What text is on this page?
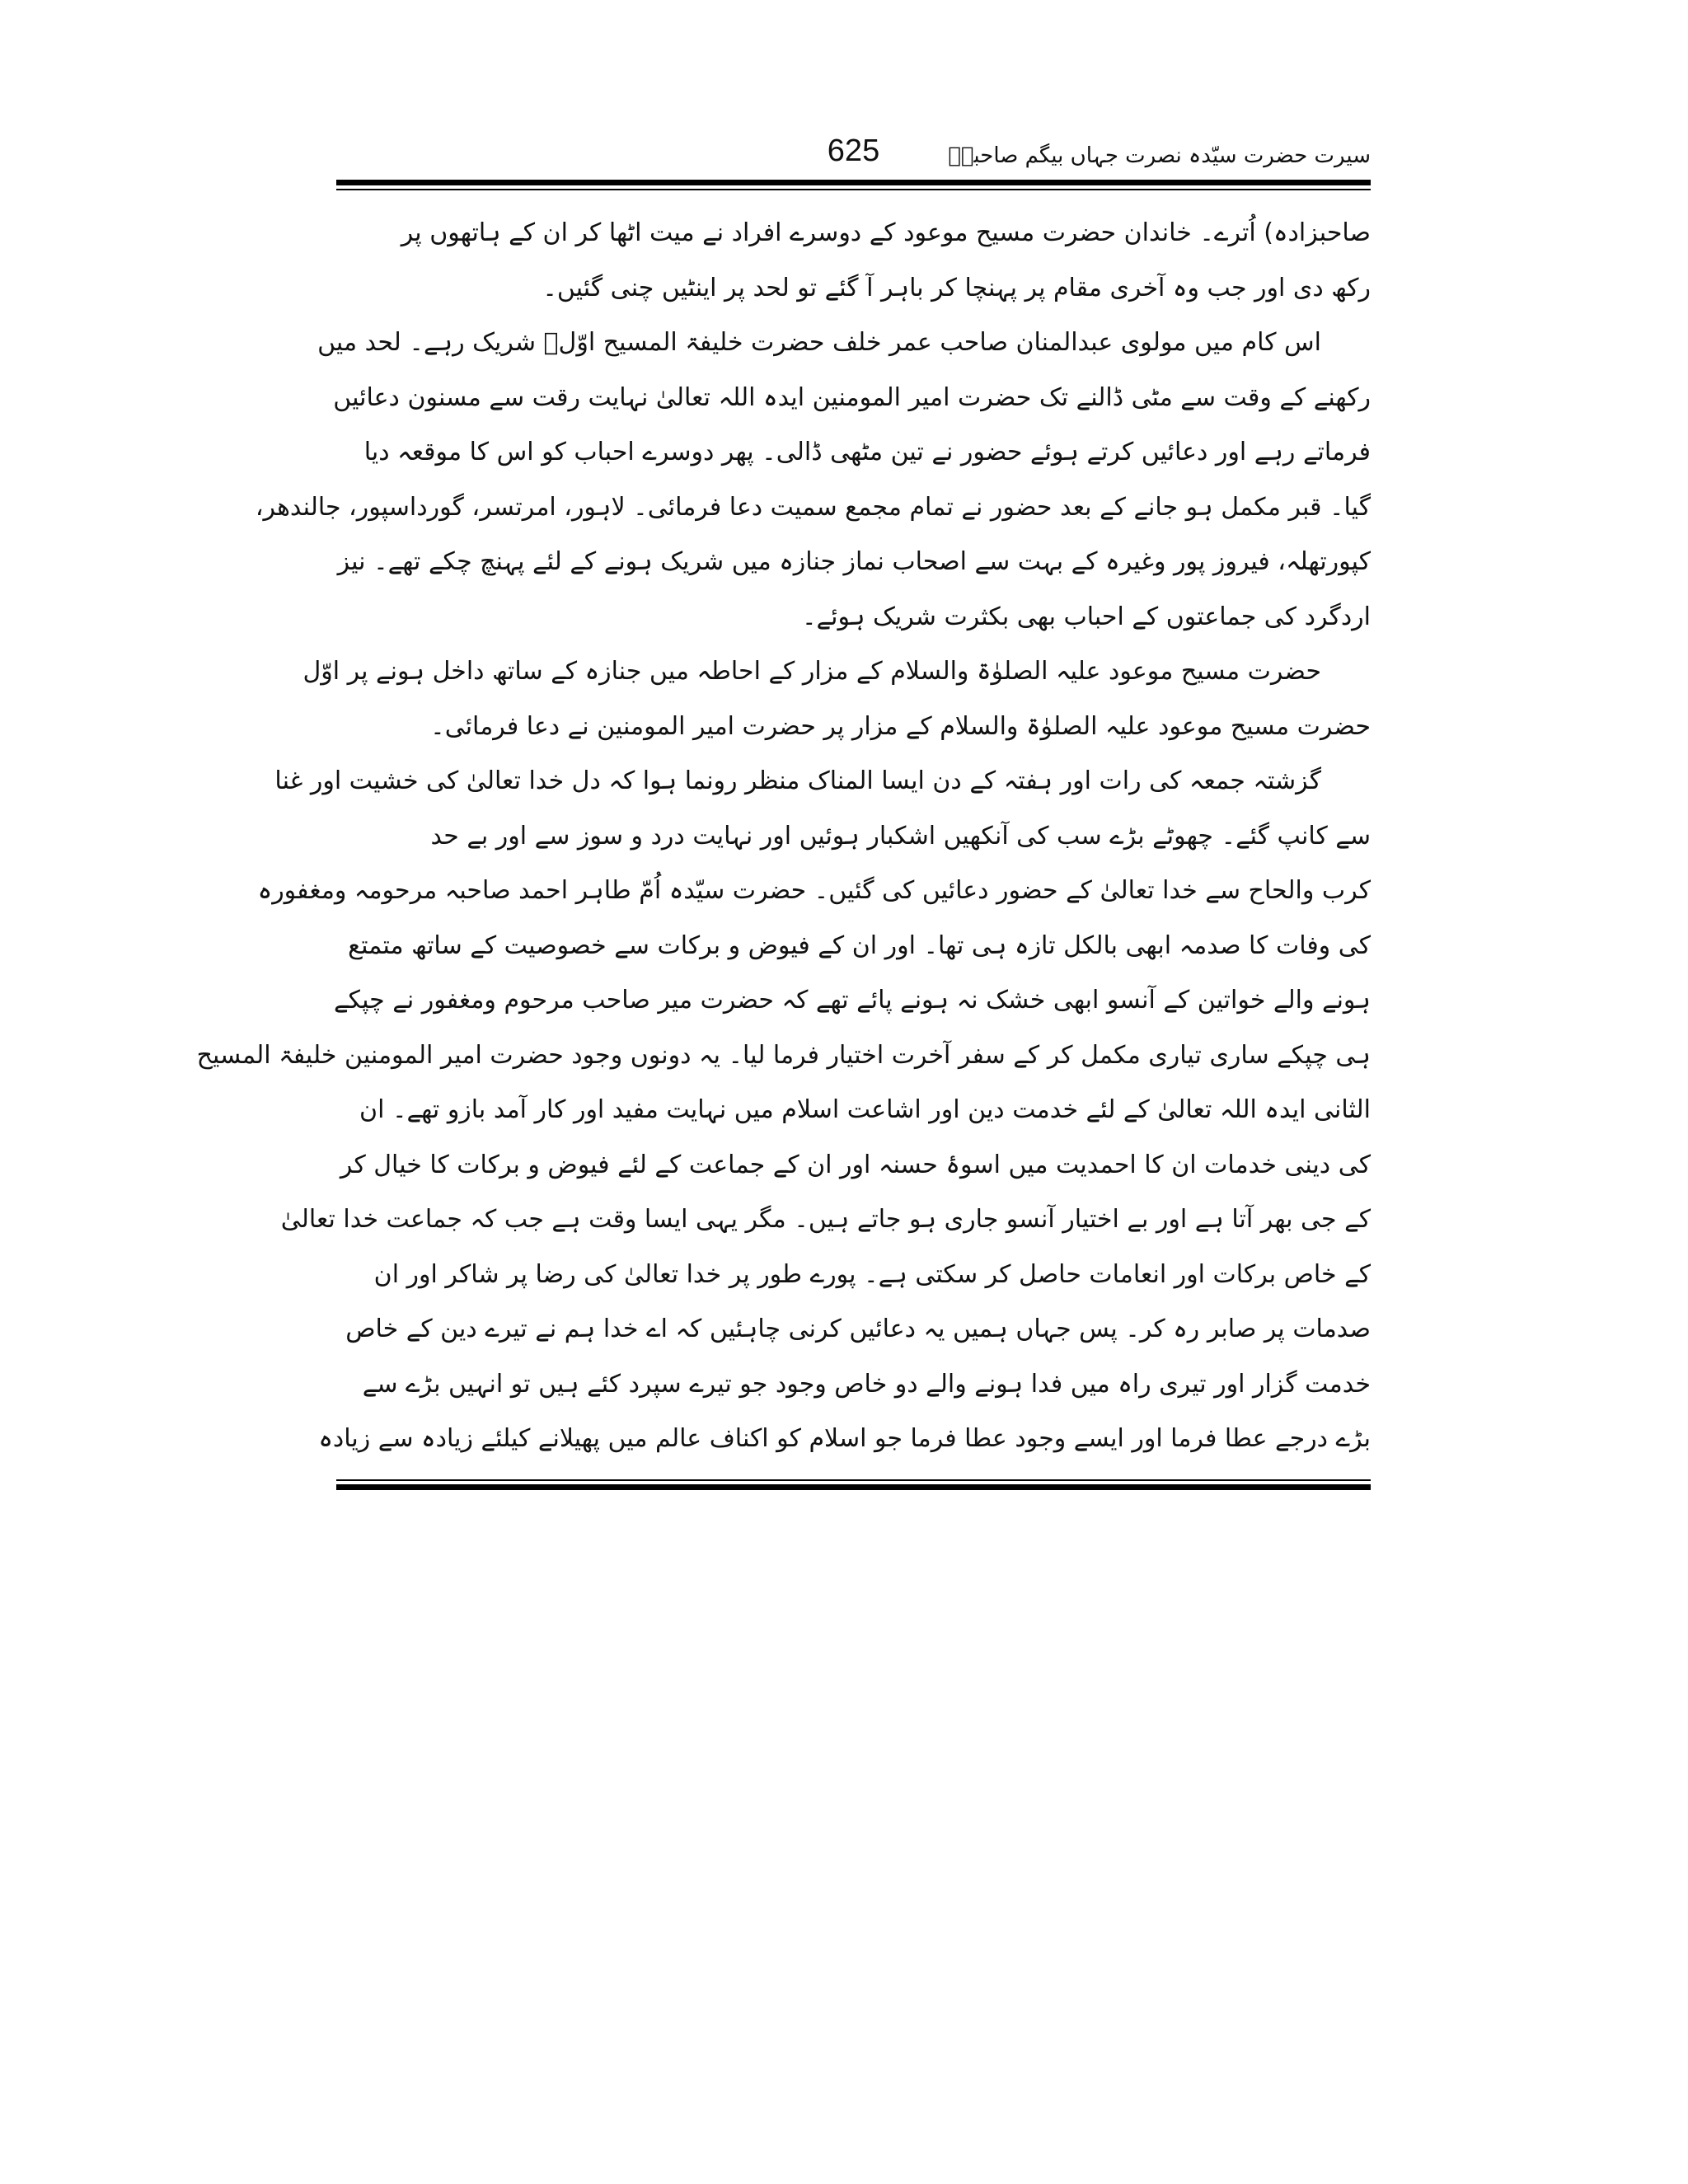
سیرت حضرت سیّدہ نصرت جہاں بیگم صاحبہؓ
625
صاحبزادہ) اُترے۔ خاندان حضرت مسیح موعود کے دوسرے افراد نے میت اٹھا کر ان کے ہاتھوں پر
رکھ دی اور جب وہ آخری مقام پر پہنچا کر باہر آ گئے تو لحد پر اینٹیں چنی گئیں۔
اس کام میں مولوی عبدالمنان صاحب عمر خلف حضرت خلیفۃ المسیح اوّلؓ شریک رہے۔ لحد میں
رکھنے کے وقت سے مٹی ڈالنے تک حضرت امیر المومنین ایدہ اللہ تعالیٰ نہایت رقت سے مسنون دعائیں
فرماتے رہے اور دعائیں کرتے ہوئے حضور نے تین مٹھی ڈالی۔ پھر دوسرے احباب کو اس کا موقعہ دیا
گیا۔ قبر مکمل ہو جانے کے بعد حضور نے تمام مجمع سمیت دعا فرمائی۔ لاہور، امرتسر، گورداسپور، جالندھر،
کپورتھلہ، فیروز پور وغیرہ کے بہت سے اصحاب نماز جنازہ میں شریک ہونے کے لئے پہنچ چکے تھے۔ نیز
اردگرد کی جماعتوں کے احباب بھی بکثرت شریک ہوئے۔
حضرت مسیح موعود علیہ الصلوٰۃ والسلام کے مزار کے احاطہ میں جنازہ کے ساتھ داخل ہونے پر اوّل
حضرت مسیح موعود علیہ الصلوٰۃ والسلام کے مزار پر حضرت امیر المومنین نے دعا فرمائی۔
گزشتہ جمعہ کی رات اور ہفتہ کے دن ایسا المناک منظر رونما ہوا کہ دل خدا تعالیٰ کی خشیت اور غنا
سے کانپ گئے۔ چھوٹے بڑے سب کی آنکھیں اشکبار ہوئیں اور نہایت درد و سوز سے اور بے حد
کرب والحاح سے خدا تعالیٰ کے حضور دعائیں کی گئیں۔ حضرت سیّدہ اُمّ طاہر احمد صاحبہ مرحومہ ومغفورہ
کی وفات کا صدمہ ابھی بالکل تازہ ہی تھا۔ اور ان کے فیوض و برکات سے خصوصیت کے ساتھ متمتع
ہونے والے خواتین کے آنسو ابھی خشک نہ ہونے پائے تھے کہ حضرت میر صاحب مرحوم ومغفور نے چپکے
ہی چپکے ساری تیاری مکمل کر کے سفر آخرت اختیار فرما لیا۔ یہ دونوں وجود حضرت امیر المومنین خلیفۃ المسیح
الثانی ایدہ اللہ تعالیٰ کے لئے خدمت دین اور اشاعت اسلام میں نہایت مفید اور کار آمد بازو تھے۔ ان
کی دینی خدمات ان کا احمدیت میں اسوۂ حسنہ اور ان کے جماعت کے لئے فیوض و برکات کا خیال کر
کے جی بھر آتا ہے اور بے اختیار آنسو جاری ہو جاتے ہیں۔ مگر یہی ایسا وقت ہے جب کہ جماعت خدا تعالیٰ
کے خاص برکات اور انعامات حاصل کر سکتی ہے۔ پورے طور پر خدا تعالیٰ کی رضا پر شاکر اور ان
صدمات پر صابر رہ کر۔ پس جہاں ہمیں یہ دعائیں کرنی چاہئیں کہ اے خدا ہم نے تیرے دین کے خاص
خدمت گزار اور تیری راہ میں فدا ہونے والے دو خاص وجود جو تیرے سپرد کئے ہیں تو انہیں بڑے سے
بڑے درجے عطا فرما اور ایسے وجود عطا فرما جو اسلام کو اکناف عالم میں پھیلانے کیلئے زیادہ سے زیادہ
